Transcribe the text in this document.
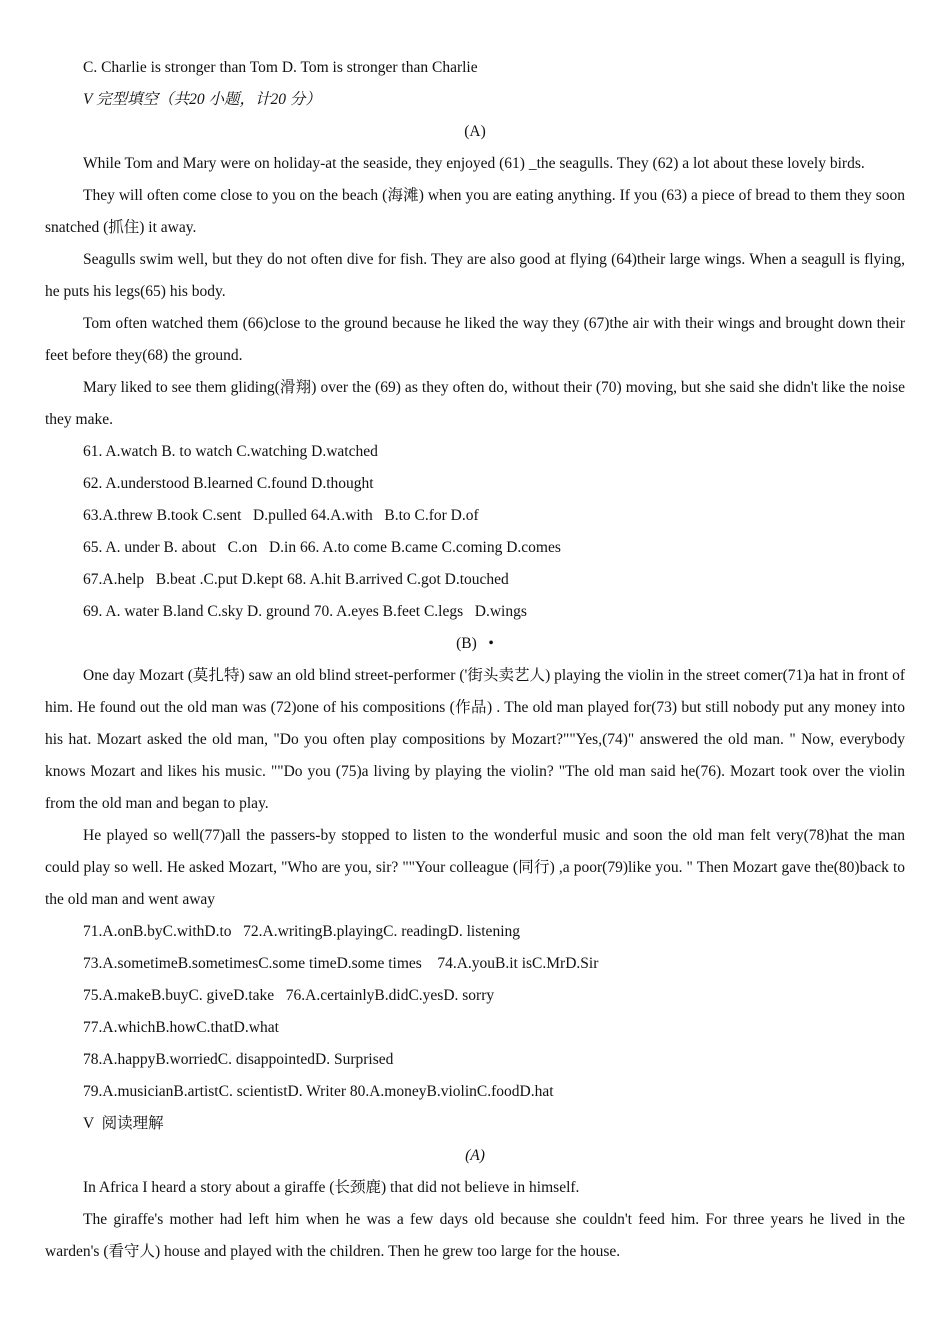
C. Charlie is stronger than Tom D. Tom is stronger than Charlie

V 完型填空（共20 小题，计20 分）

(A)

While Tom and Mary were on holiday-at the seaside, they enjoyed (61) _the seagulls. They (62) a lot about these lovely birds.

They will often come close to you on the beach (海滩) when you are eating anything. If you (63) a piece of bread to them they soon snatched (抓住) it away.

Seagulls swim well, but they do not often dive for fish. They are also good at flying (64)their large wings. When a seagull is flying, he puts his legs(65) his body.

Tom often watched them (66)close to the ground because he liked the way they (67)the air with their wings and brought down their feet before they(68) the ground.

Mary liked to see them gliding(滑翔) over the (69) as they often do, without their (70) moving, but she said she didn't like the noise they make.

61. A.watch B. to watch C.watching D.watched

62. A.understood B.learned C.found D.thought

63.A.threw B.took C.sent   D.pulled 64.A.with   B.to C.for D.of

65. A. under B. about   C.on   D.in 66. A.to come B.came C.coming D.comes

67.A.help   B.beat .C.put D.kept 68. A.hit B.arrived C.got D.touched

69. A. water B.land C.sky D. ground 70. A.eyes B.feet C.legs   D.wings

(B)   •

One day Mozart (莫扎特) saw an old blind street-performer ('街头卖艺人) playing the violin in the street comer(71)a hat in front of him. He found out the old man was (72)one of his compositions (作品) . The old man played for(73) but still nobody put any money into his hat. Mozart asked the old man, "Do you often play compositions by Mozart?""Yes,(74)" answered the old man. " Now, everybody knows Mozart and likes his music. ""Do you (75)a living by playing the violin? "The old man said he(76). Mozart took over the violin from the old man and began to play.

He played so well(77)all the passers-by stopped to listen to the wonderful music and soon the old man felt very(78)hat the man could play so well. He asked Mozart, "Who are you, sir? ""Your colleague (同行) ,a poor(79)like you. " Then Mozart gave the(80)back to the old man and went away

71.A.onB.byC.withD.to   72.A.writingB.playingC. readingD. listening

73.A.sometimeB.sometimesC.some timeD.some times    74.A.youB.it isC.MrD.Sir

75.A.makeB.buyC. giveD.take   76.A.certainlyB.didC.yesD. sorry

77.A.whichB.howC.thatD.what

78.A.happyB.worriedC. disappointedD. Surprised

79.A.musicianB.artistC. scientistD. Writer 80.A.moneyB.violinC.foodD.hat

V  阅读理解

(A)

In Africa I heard a story about a giraffe (长颈鹿) that did not believe in himself.

The giraffe's mother had left him when he was a few days old because she couldn't feed him. For three years he lived in the warden's (看守人) house and played with the children. Then he grew too large for the house.
